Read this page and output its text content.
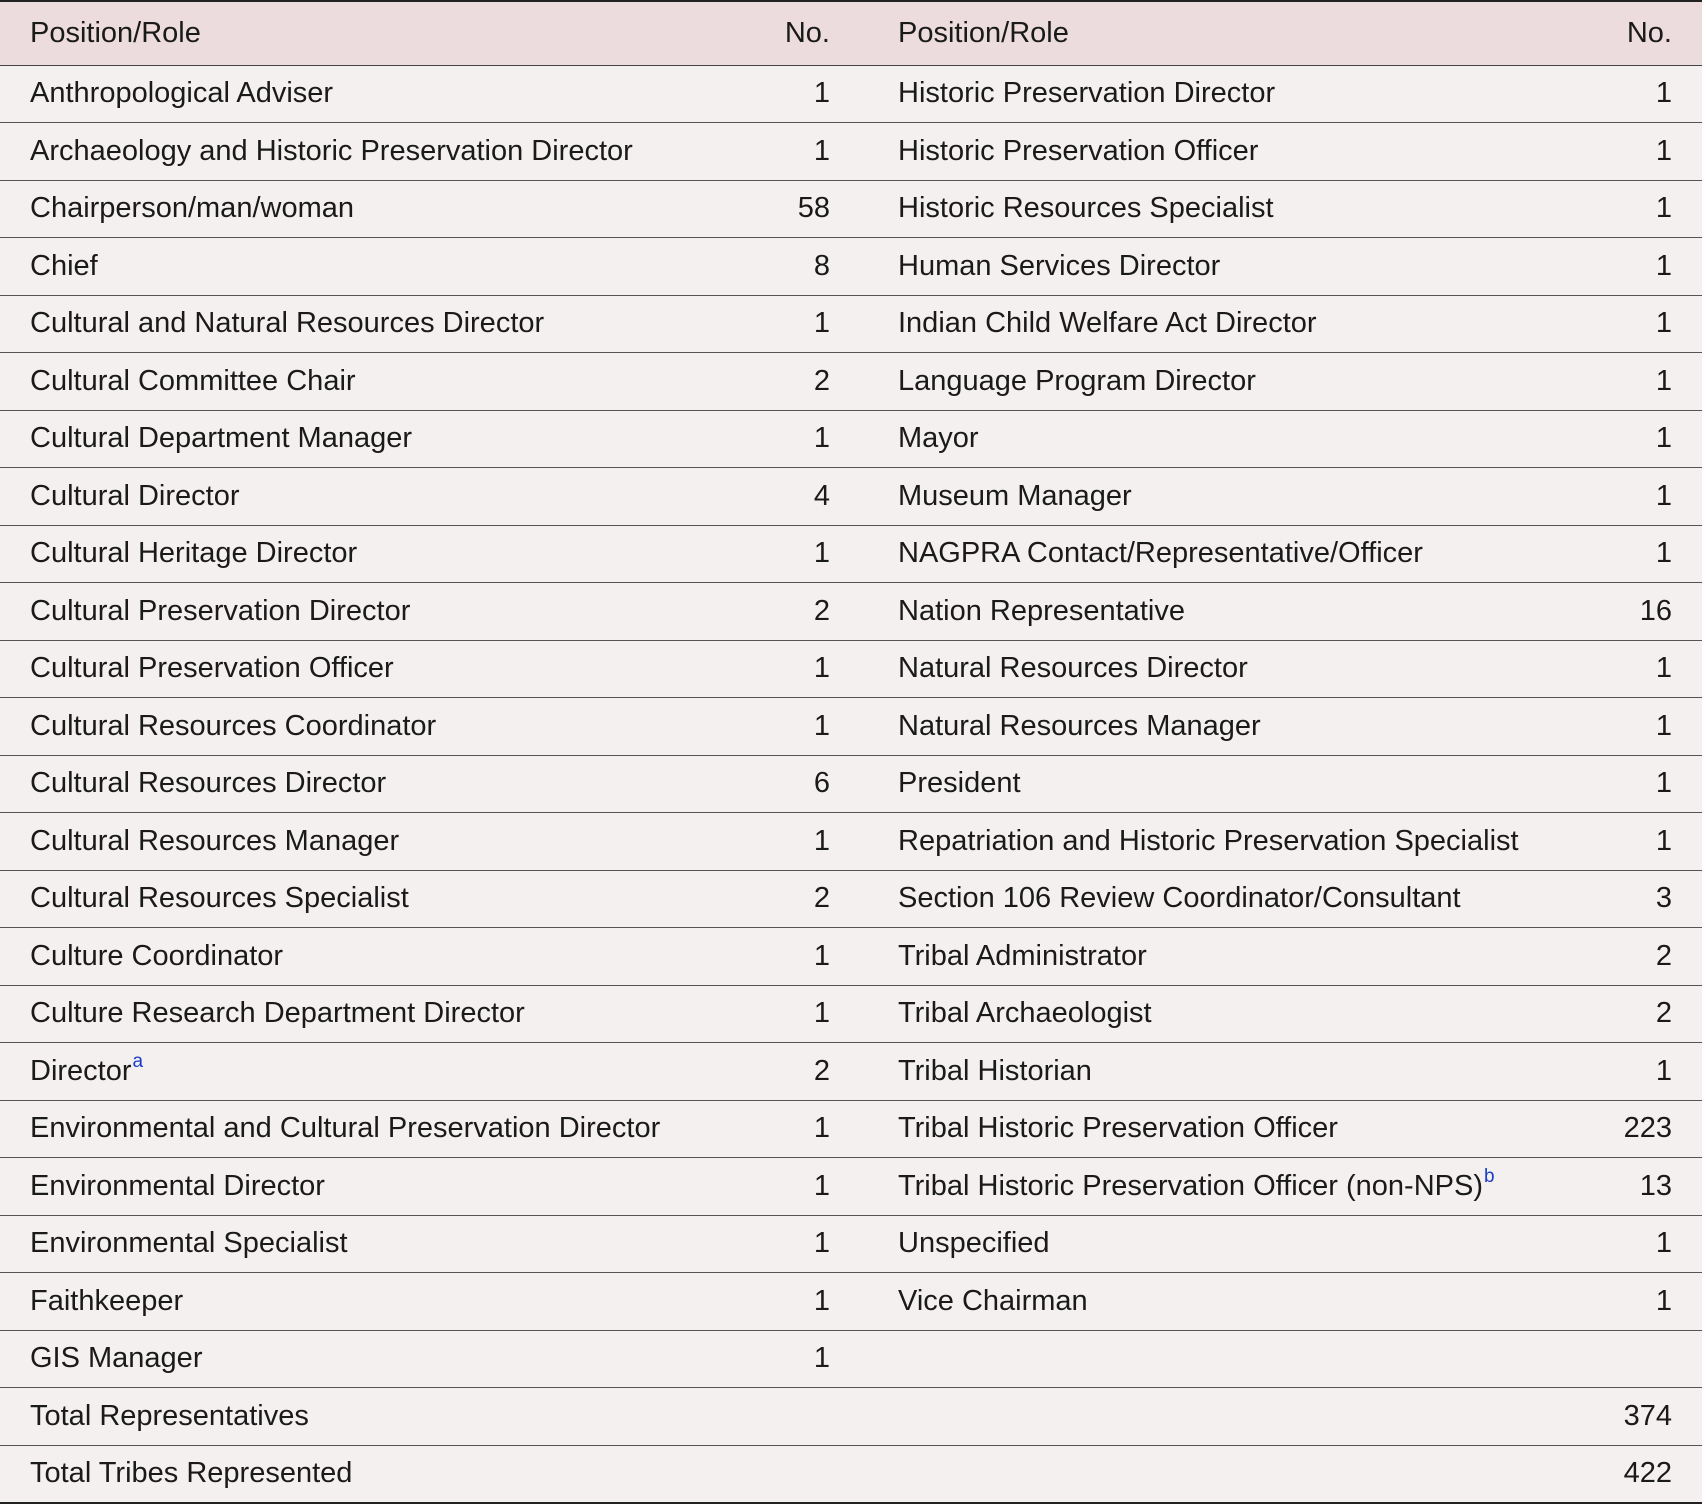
Position/Role	No.	Position/Role	No.
Anthropological Adviser	1	Historic Preservation Director	1
Archaeology and Historic Preservation Director	1	Historic Preservation Officer	1
Chairperson/man/woman	58	Historic Resources Specialist	1
Chief	8	Human Services Director	1
Cultural and Natural Resources Director	1	Indian Child Welfare Act Director	1
Cultural Committee Chair	2	Language Program Director	1
Cultural Department Manager	1	Mayor	1
Cultural Director	4	Museum Manager	1
Cultural Heritage Director	1	NAGPRA Contact/Representative/Officer	1
Cultural Preservation Director	2	Nation Representative	16
Cultural Preservation Officer	1	Natural Resources Director	1
Cultural Resources Coordinator	1	Natural Resources Manager	1
Cultural Resources Director	6	President	1
Cultural Resources Manager	1	Repatriation and Historic Preservation Specialist	1
Cultural Resources Specialist	2	Section 106 Review Coordinator/Consultant	3
Culture Coordinator	1	Tribal Administrator	2
Culture Research Department Director	1	Tribal Archaeologist	2
Director$^a$	2	Tribal Historian	1
Environmental and Cultural Preservation Director	1	Tribal Historic Preservation Officer	223
Environmental Director	1	Tribal Historic Preservation Officer $(non-NPS)^b$	13
Environmental Specialist	1	Unspecified	1
Faithkeeper	1	Vice Chairman	1
GIS Manager	1		
Total Representatives			374
Total Tribes Represented			422
